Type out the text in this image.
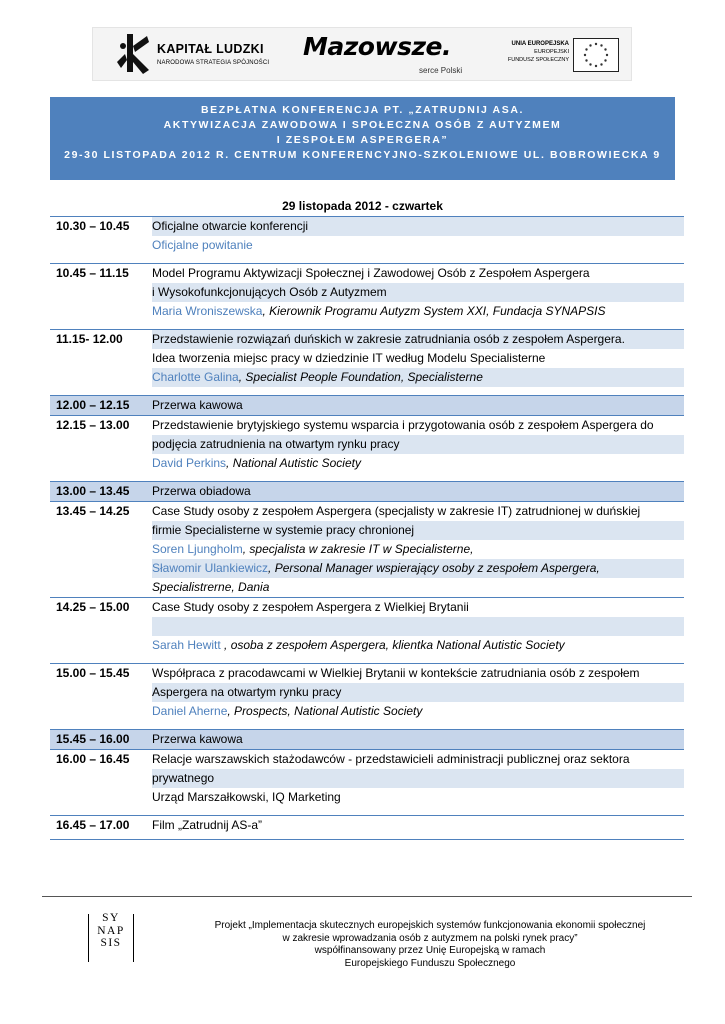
KAPITAŁ LUDZKI
NARODOWA STRATEGIA SPÓJNOŚCI
Mazowsze.
serce Polski
UNIA EUROPEJSKA
EUROPEJSKI
FUNDUSZ SPOŁECZNY
BEZPŁATNA KONFERENCJA PT. „ZATRUDNIJ ASA.
AKTYWIZACJA ZAWODOWA I SPOŁECZNA OSÓB Z AUTYZMEM
I ZESPOŁEM ASPERGERA”
29-30 LISTOPADA 2012 R. CENTRUM KONFERENCYJNO-SZKOLENIOWE UL. BOBROWIECKA 9
29 listopada 2012 - czwartek
10.30 – 10.45 Oficjalne otwarcie konferencji
Oficjalne powitanie
10.45 – 11.15 Model Programu Aktywizacji Społecznej i Zawodowej Osób z Zespołem Aspergera
i Wysokofunkcjonujących Osób z Autyzmem
Maria Wroniszewska, Kierownik Programu Autyzm System XXI, Fundacja SYNAPSIS
11.15- 12.00 Przedstawienie rozwiązań duńskich w zakresie zatrudniania osób z zespołem Aspergera.
Idea tworzenia miejsc pracy w dziedzinie IT według Modelu Specialisterne
Charlotte Galina, Specialist People Foundation, Specialisterne
12.00 – 12.15 Przerwa kawowa
12.15 – 13.00 Przedstawienie brytyjskiego systemu wsparcia i przygotowania osób z zespołem Aspergera do
podjęcia zatrudnienia na otwartym rynku pracy
David Perkins, National Autistic Society
13.00 – 13.45 Przerwa obiadowa
13.45 – 14.25 Case Study osoby z zespołem Aspergera (specjalisty w zakresie IT) zatrudnionej w duńskiej
firmie Specialisterne w systemie pracy chronionej
Soren Ljungholm, specjalista w zakresie IT w Specialisterne,
Sławomir Ulankiewicz, Personal Manager wspierający osoby z zespołem Aspergera,
Specialistrerne, Dania
14.25 – 15.00 Case Study osoby z zespołem Aspergera z Wielkiej Brytanii
Sarah Hewitt , osoba z zespołem Aspergera, klientka National Autistic Society
15.00 – 15.45 Współpraca z pracodawcami w Wielkiej Brytanii w kontekście zatrudniania osób z zespołem
Aspergera na otwartym rynku pracy
Daniel Aherne, Prospects, National Autistic Society
15.45 – 16.00 Przerwa kawowa
16.00 – 16.45 Relacje warszawskich stażodawców - przedstawicieli administracji publicznej oraz sektora
prywatnego
Urząd Marszałkowski, IQ Marketing
16.45 – 17.00 Film „Zatrudnij AS-a”
SY
NAP
SIS
Projekt „Implementacja skutecznych europejskich systemów funkcjonowania ekonomii społecznej
w zakresie wprowadzania osób z autyzmem na polski rynek pracy”
współfinansowany przez Unię Europejską w ramach
Europejskiego Funduszu Społecznego
